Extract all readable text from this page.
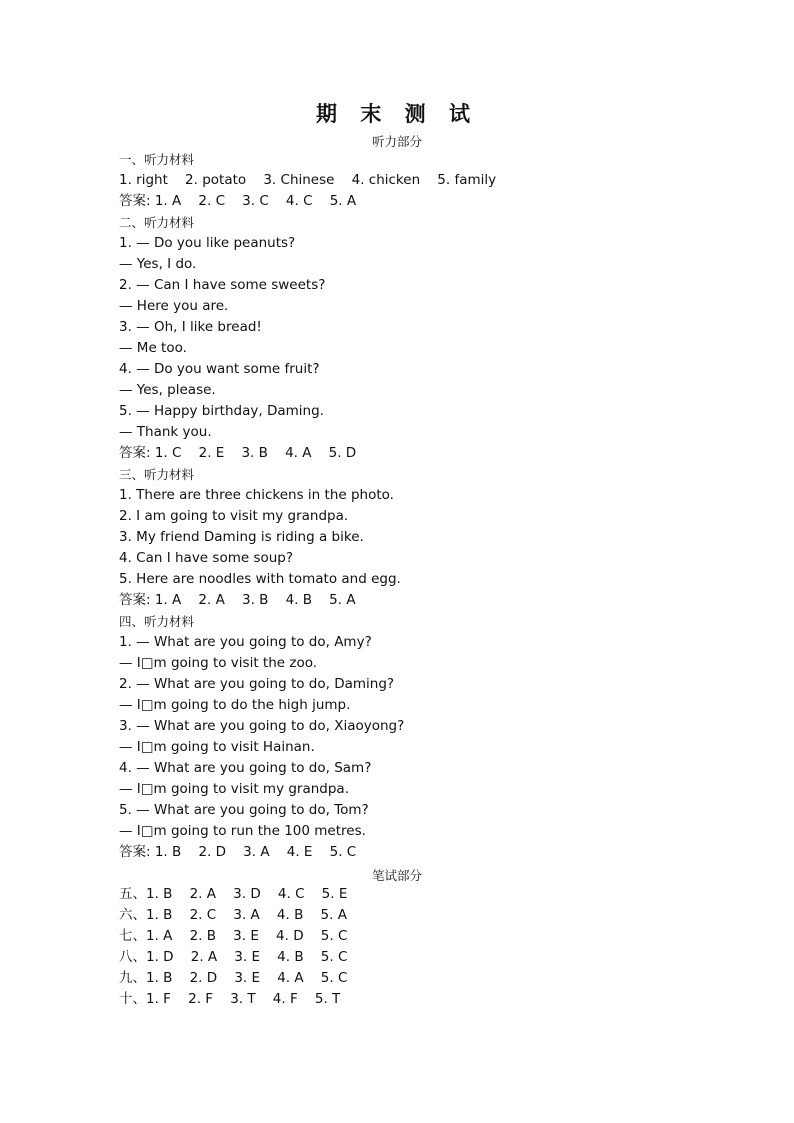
期 末 测 试
听力部分
一、听力材料
1. right    2. potato    3. Chinese    4. chicken    5. family
答案: 1. A    2. C    3. C    4. C    5. A
二、听力材料
1. — Do you like peanuts?
— Yes, I do.
2. — Can I have some sweets?
— Here you are.
3. — Oh, I like bread!
— Me too.
4. — Do you want some fruit?
— Yes, please.
5. — Happy birthday, Daming.
— Thank you.
答案: 1. C    2. E    3. B    4. A    5. D
三、听力材料
1. There are three chickens in the photo.
2. I am going to visit my grandpa.
3. My friend Daming is riding a bike.
4. Can I have some soup?
5. Here are noodles with tomato and egg.
答案: 1. A    2. A    3. B    4. B    5. A
四、听力材料
1. — What are you going to do, Amy?
— I□m going to visit the zoo.
2. — What are you going to do, Daming?
— I□m going to do the high jump.
3. — What are you going to do, Xiaoyong?
— I□m going to visit Hainan.
4. — What are you going to do, Sam?
— I□m going to visit my grandpa.
5. — What are you going to do, Tom?
— I□m going to run the 100 metres.
答案: 1. B    2. D    3. A    4. E    5. C
笔试部分
五、1. B    2. A    3. D    4. C    5. E
六、1. B    2. C    3. A    4. B    5. A
七、1. A    2. B    3. E    4. D    5. C
八、1. D    2. A    3. E    4. B    5. C
九、1. B    2. D    3. E    4. A    5. C
十、1. F    2. F    3. T    4. F    5. T
